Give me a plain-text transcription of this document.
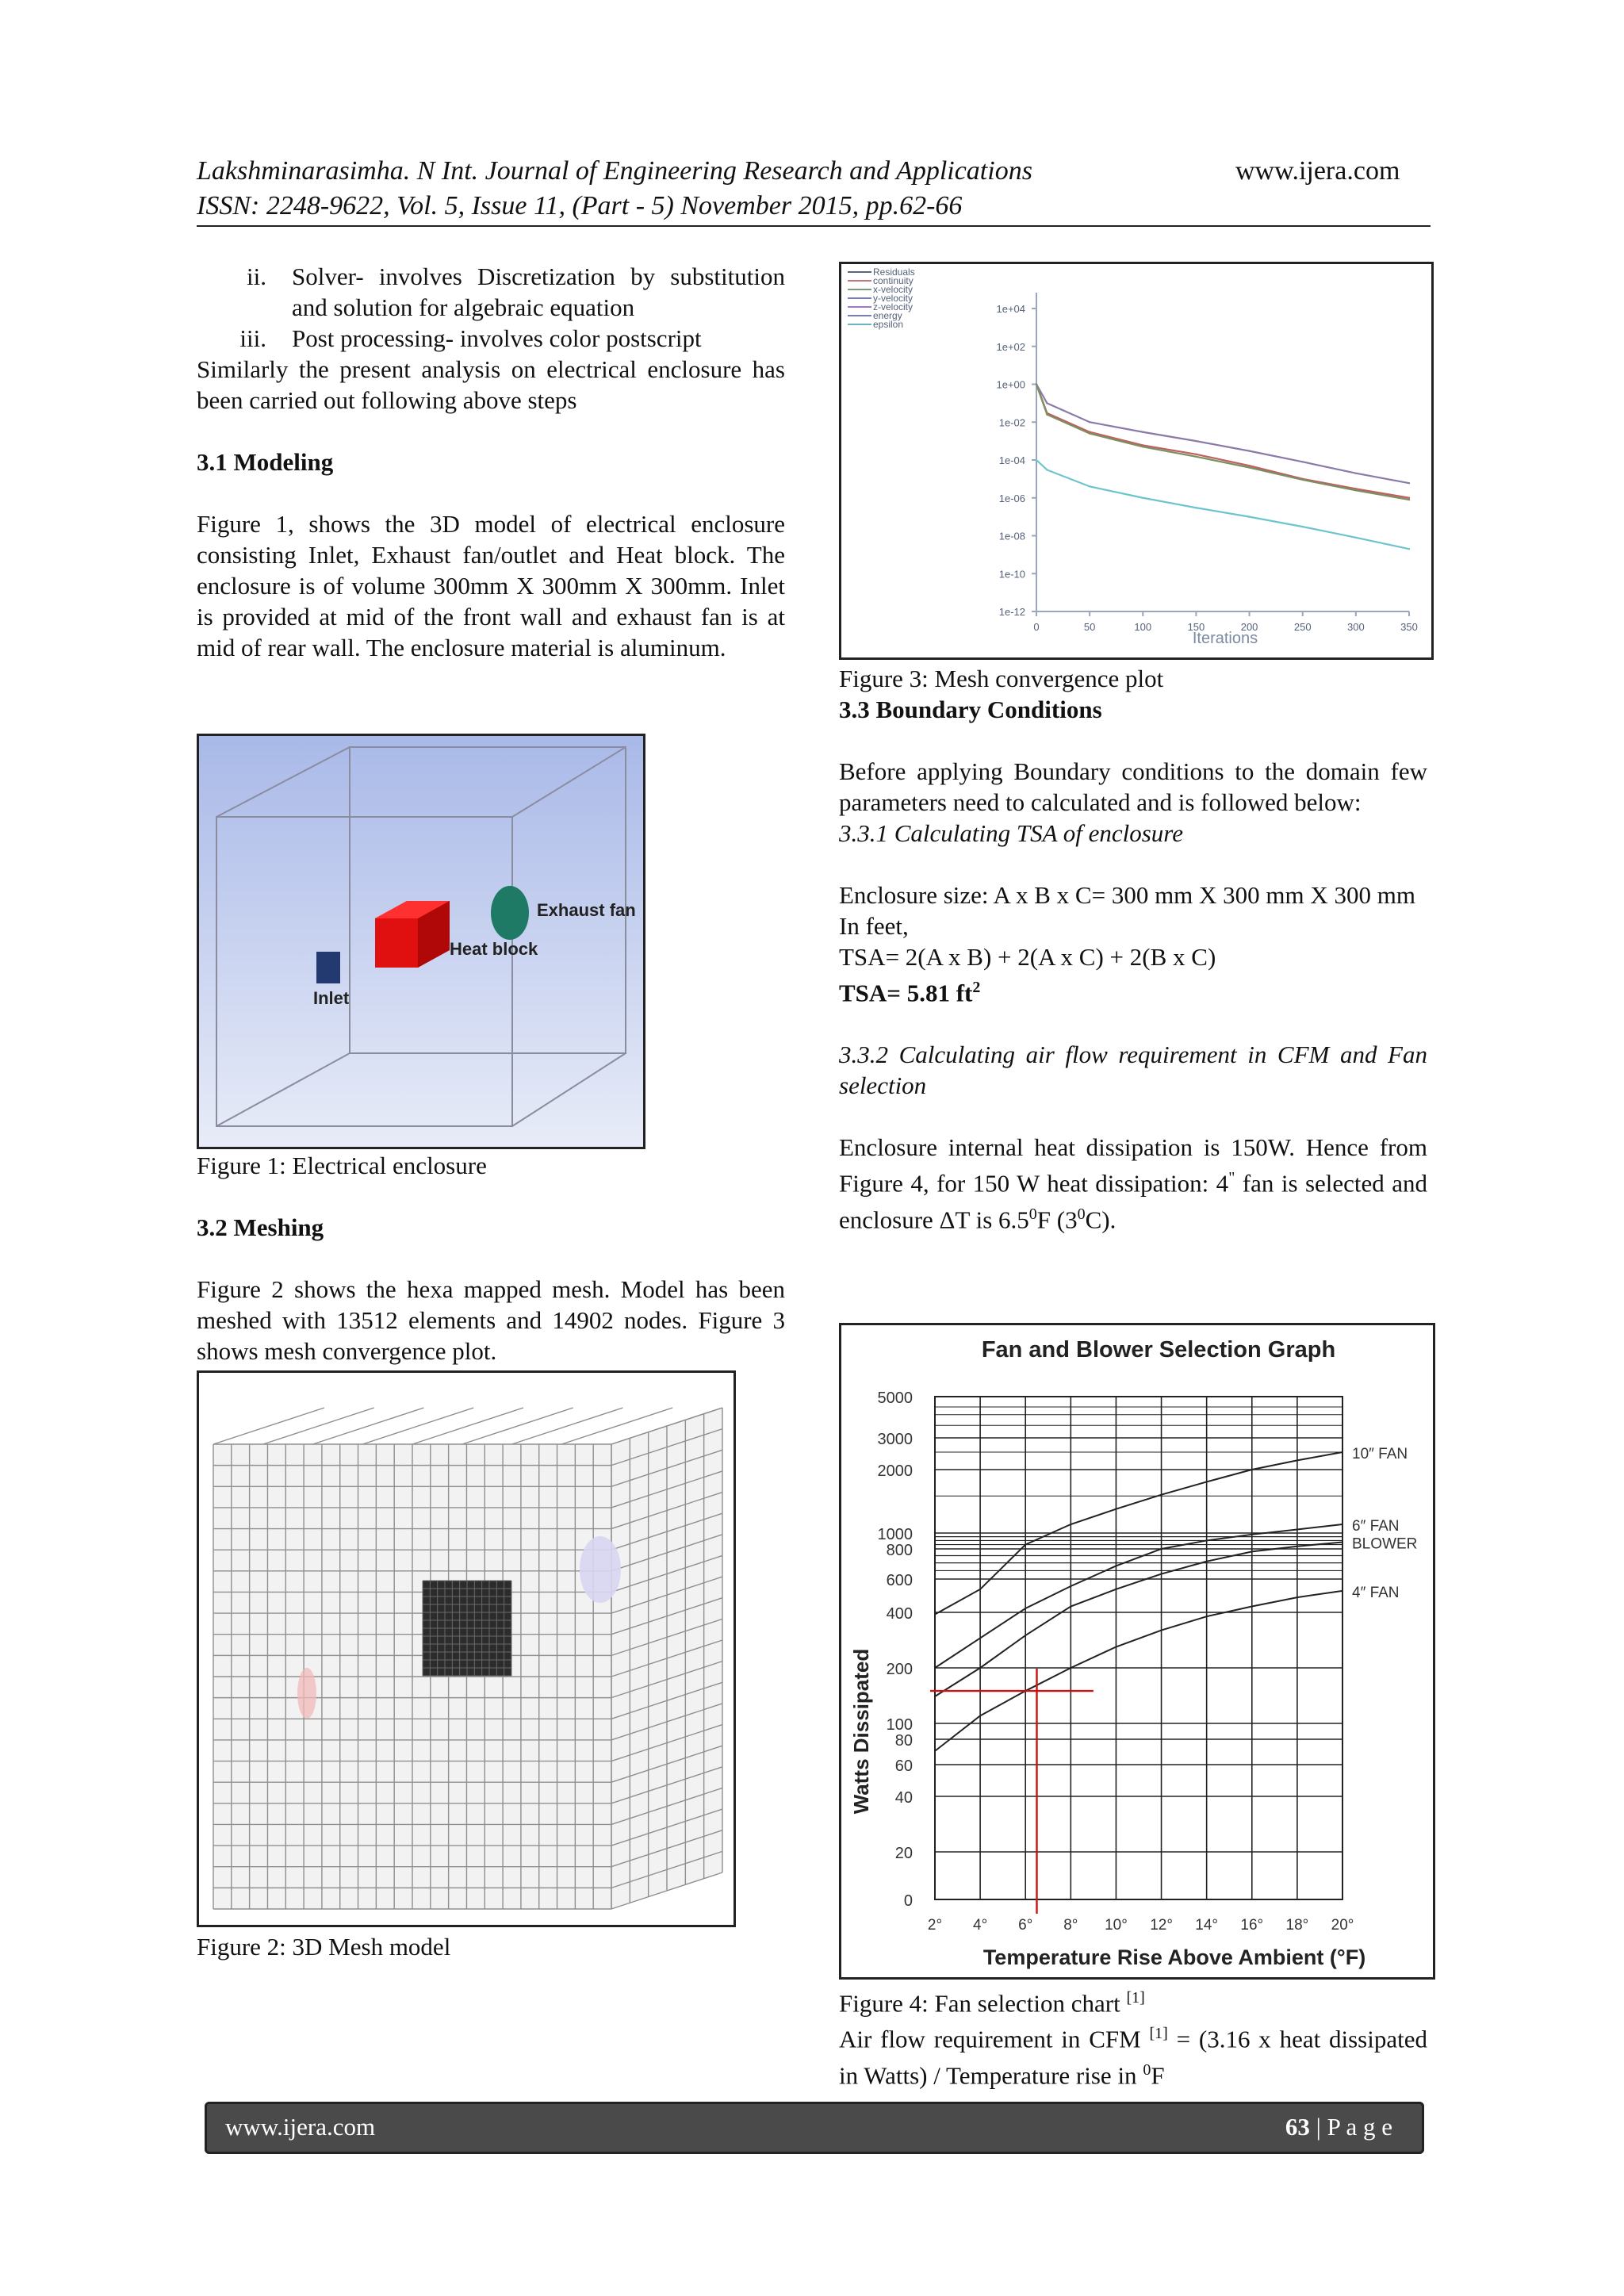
Lakshminarasimha. N Int. Journal of Engineering Research and Applications
ISSN: 2248-9622, Vol. 5, Issue 11, (Part - 5) November 2015, pp.62-66
www.ijera.com
ii.	Solver- involves Discretization by substitution and solution for algebraic equation
iii.	Post processing- involves color postscript

Similarly the present analysis on electrical enclosure has been carried out following above steps

3.1 Modeling

Figure 1, shows the 3D model of electrical enclosure consisting Inlet, Exhaust fan/outlet and Heat block. The enclosure is of volume 300mm X 300mm X 300mm. Inlet is provided at mid of the front wall and exhaust fan is at mid of rear wall. The enclosure material is aluminum.

Exhaust fan
Heat block
Inlet

Figure 1: Electrical enclosure

3.2 Meshing

Figure 2 shows the hexa mapped mesh. Model has been meshed with 13512 elements and 14902 nodes. Figure 3 shows mesh convergence plot.

Figure 2: 3D Mesh model

Residuals
continuity
x-velocity
y-velocity
z-velocity
energy
epsilon
1e+04
1e+02
1e+00
1e-02
1e-04
1e-06
1e-08
1e-10
1e-12
0	50	100	150	200	250	300	350
Iterations

Figure 3: Mesh convergence plot

3.3 Boundary Conditions

Before applying Boundary conditions to the domain few parameters need to calculated and is followed below:

3.3.1 Calculating TSA of enclosure

Enclosure size: A x B x C= 300 mm X 300 mm X 300 mm

In feet,

TSA= 2(A x B) + 2(A x C) + 2(B x C)

TSA= 5.81 $ft^2$

3.3.2 Calculating air flow requirement in CFM and Fan selection

Enclosure internal heat dissipation is 150W. Hence from Figure 4, for 150 W heat dissipation: 4" fan is selected and enclosure ΔT is $6.5^0F$ $(3^0C)$.

Fan and Blower Selection Graph
5000
3000
2000
1000
800
600
400
200
100
80
60
40
20
0
2° 4° 6° 8° 10° 12° 14° 16° 18° 20°
10″ FAN
6″ FAN
BLOWER
4″ FAN
Watts Dissipated
Temperature Rise Above Ambient (°F)

Figure 4: Fan selection chart [1]

Air flow requirement in CFM [1] = (3.16 x heat dissipated in Watts) / Temperature rise in $^0$F

www.ijera.com	63 | P a g e
